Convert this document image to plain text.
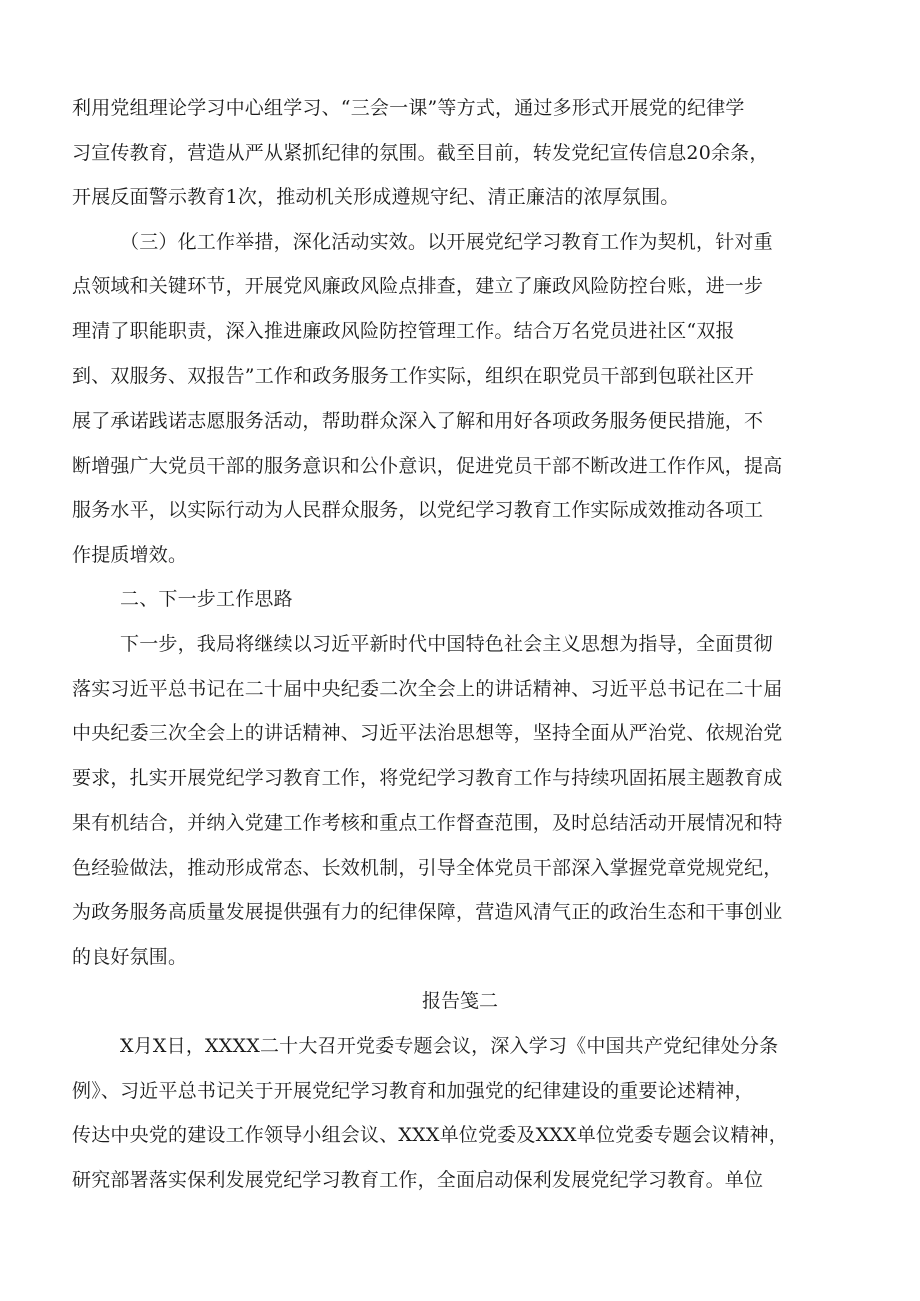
利用党组理论学习中心组学习、“三会一课”等方式，通过多形式开展党的纪律学
习宣传教育，营造从严从紧抓纪律的氛围。截至目前，转发党纪宣传信息20余条，
开展反面警示教育1次，推动机关形成遵规守纪、清正廉洁的浓厚氛围。
（三）化工作举措，深化活动实效。以开展党纪学习教育工作为契机，针对重
点领域和关键环节，开展党风廉政风险点排查，建立了廉政风险防控台账，进一步
理清了职能职责，深入推进廉政风险防控管理工作。结合万名党员进社区“双报
到、双服务、双报告”工作和政务服务工作实际，组织在职党员干部到包联社区开
展了承诺践诺志愿服务活动，帮助群众深入了解和用好各项政务服务便民措施，不
断增强广大党员干部的服务意识和公仆意识，促进党员干部不断改进工作作风，提高
服务水平，以实际行动为人民群众服务，以党纪学习教育工作实际成效推动各项工
作提质增效。
二、下一步工作思路
下一步，我局将继续以习近平新时代中国特色社会主义思想为指导，全面贯彻
落实习近平总书记在二十届中央纪委二次全会上的讲话精神、习近平总书记在二十届
中央纪委三次全会上的讲话精神、习近平法治思想等，坚持全面从严治党、依规治党
要求，扎实开展党纪学习教育工作，将党纪学习教育工作与持续巩固拓展主题教育成
果有机结合，并纳入党建工作考核和重点工作督查范围，及时总结活动开展情况和特
色经验做法，推动形成常态、长效机制，引导全体党员干部深入掌握党章党规党纪，
为政务服务高质量发展提供强有力的纪律保障，营造风清气正的政治生态和干事创业
的良好氛围。
报告笺二
X月X日，XXXX二十大召开党委专题会议，深入学习《中国共产党纪律处分条
例》、习近平总书记关于开展党纪学习教育和加强党的纪律建设的重要论述精神，
传达中央党的建设工作领导小组会议、XXX单位党委及XXX单位党委专题会议精神，
研究部署落实保利发展党纪学习教育工作，全面启动保利发展党纪学习教育。单位
